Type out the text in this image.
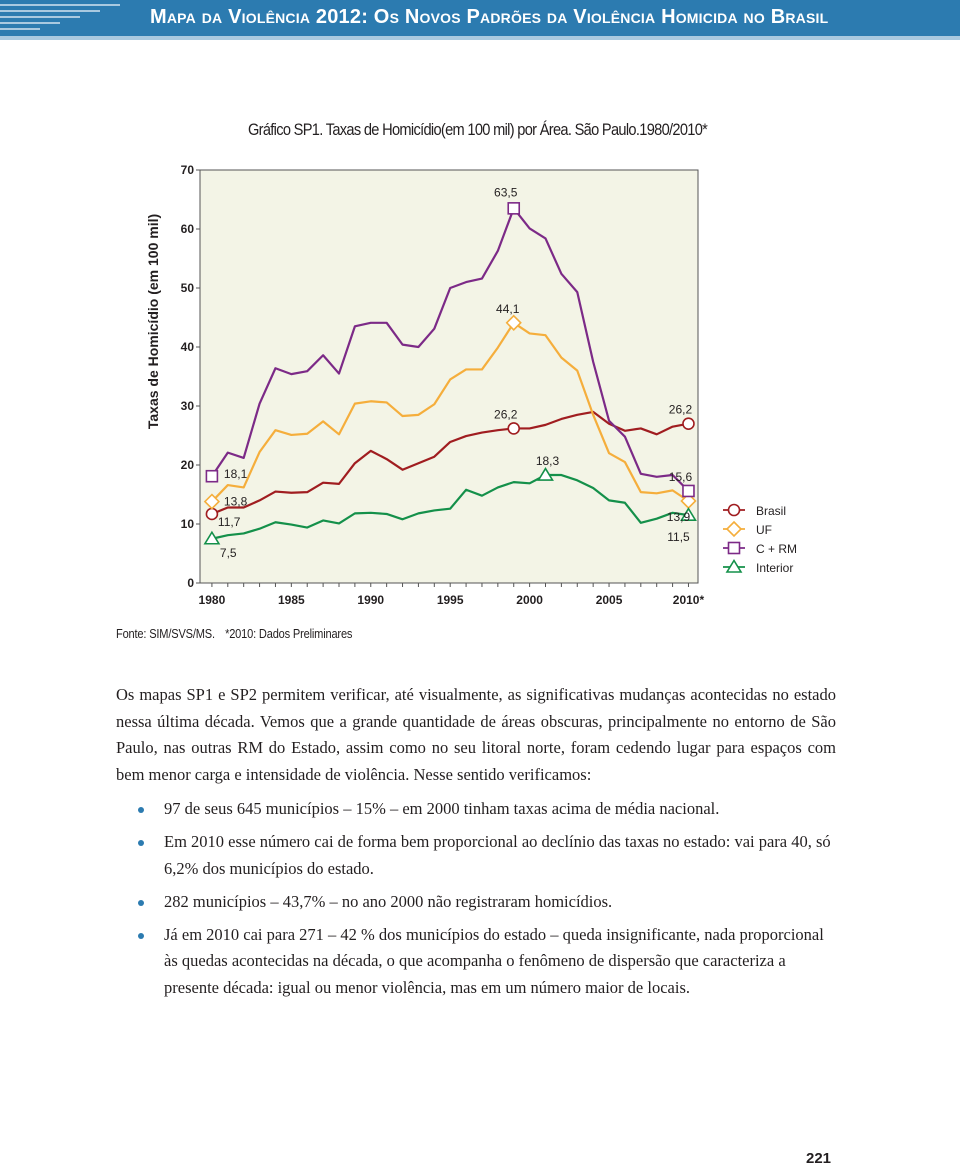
Mapa da Violência 2012: Os Novos Padrões da Violência Homicida no Brasil
Gráfico SP1. Taxas de Homicídio(em 100 mil) por Área. São Paulo.1980/2010*
0
10
20
30
40
50
60
70
1980	1985	1990	1995	2000	2005	2010*
Taxas de Homicídio (em 100 mil)
7,5
11,7
13,8
18,1
63,5
44,1
26,2
18,3
26,2
15,6
13,9
11,5
Brasil
UF
C + RM
Interior
Fonte: SIM/SVS/MS. *2010: Dados Preliminares

Os mapas SP1 e SP2 permitem verificar, até visualmente, as significativas mudanças acontecidas no estado nessa última década. Vemos que a grande quantidade de áreas obscuras, principalmente no entorno de São Paulo, nas outras RM do Estado, assim como no seu litoral norte, foram cedendo lugar para espaços com bem menor carga e intensidade de violência. Nesse sentido verificamos:

97 de seus 645 municípios – 15% – em 2000 tinham taxas acima de média nacional.
Em 2010 esse número cai de forma bem proporcional ao declínio das taxas no estado: vai para 40, só 6,2% dos municípios do estado.
282 municípios – 43,7% – no ano 2000 não registraram homicídios.
Já em 2010 cai para 271 – 42 % dos municípios do estado – queda insignificante, nada proporcional às quedas acontecidas na década, o que acompanha o fenômeno de dispersão que caracteriza a presente década: igual ou menor violência, mas em um número maior de locais.
221
